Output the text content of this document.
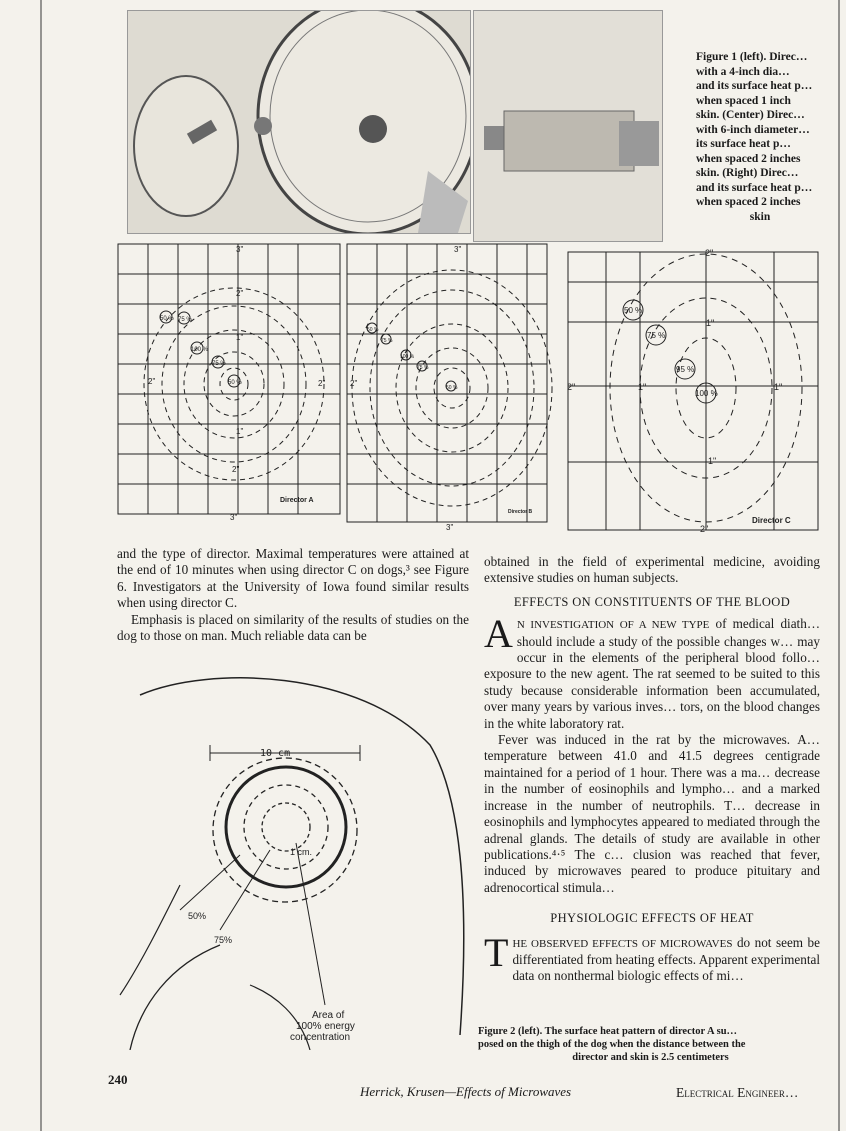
Figure 1 (left). Direc…
with a 4-inch dia…
and its surface heat p…
when spaced 1 inch
skin. (Center) Direc…
with 6-inch diameter…
its surface heat p…
when spaced 2 inches
skin. (Right) Direc…
and its surface heat p…
when spaced 2 inches
skin
3"
2"
1"
2"	2"
1"
2"
3"
50 % 75 %
100 %
75 %
50 %
Director A
3"
2"
3"
50 %
75 %
100 %
75 %
50 %
Director B
2"
1"
2"	1"	1"
1"
2"
50 %
75 %
95 %
100 %
Director C

and the type of director. Maximal temperatures were attained at the end of 10 minutes when using director C on dogs,³ see Figure 6. Investigators at the University of Iowa found similar results when using director C.

Emphasis is placed on similarity of the results of studies on the dog to those on man. Much reliable data can be

10 cm
1 cm.
50%
75%
Area of
100% energy
concentration

obtained in the field of experimental medicine, avoiding extensive studies on human subjects.

EFFECTS ON CONSTITUENTS OF THE BLOOD

A N INVESTIGATION OF A NEW TYPE of medical diath… should include a study of the possible changes w… may occur in the elements of the peripheral blood follo… exposure to the new agent. The rat seemed to be suited to this study because considerable information been accumulated, over many years by various inves… tors, on the blood changes in the white laboratory rat.

Fever was induced in the rat by the microwaves. A… temperature between 41.0 and 41.5 degrees centigrade maintained for a period of 1 hour. There was a ma… decrease in the number of eosinophils and lympho… and a marked increase in the number of neutrophils. T… decrease in eosinophils and lymphocytes appeared to mediated through the adrenal glands. The details of study are available in other publications.⁴·⁵ The c… clusion was reached that fever, induced by microwaves peared to produce pituitary and adrenocortical stimula…

PHYSIOLOGIC EFFECTS OF HEAT

THE OBSERVED EFFECTS OF MICROWAVES do not seem be differentiated from heating effects. Apparent experimental data on nonthermal biologic effects of mi…

Figure 2 (left). The surface heat pattern of director A su…
posed on the thigh of the dog when the distance between the
director and skin is 2.5 centimeters
240
Herrick, Krusen—Effects of Microwaves	Electrical Engineer…
